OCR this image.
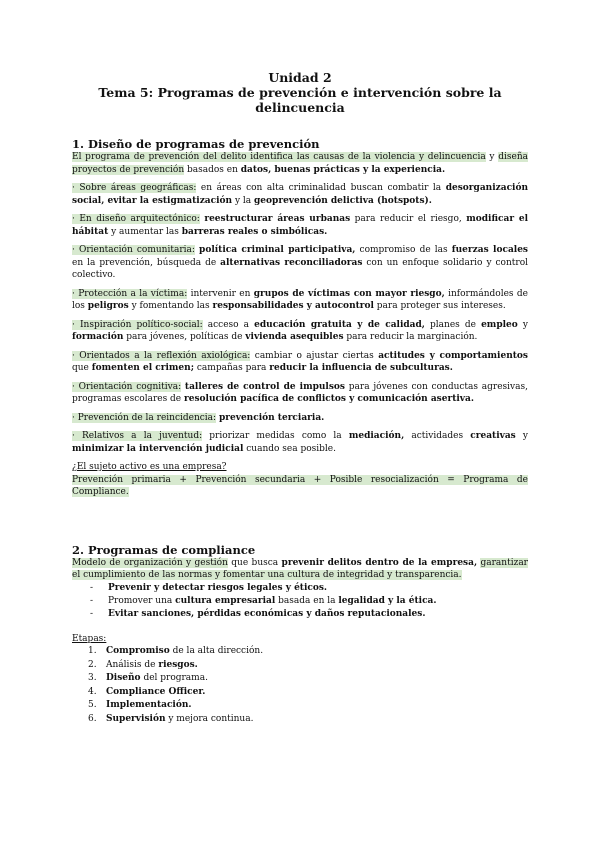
Unidad 2

Tema 5: Programas de prevención e intervención sobre la delincuencia

1. Diseño de programas de prevención

El programa de prevención del delito identifica las causas de la violencia y delincuencia y diseña proyectos de prevención basados en datos, buenas prácticas y la experiencia.

· Sobre áreas geográficas: en áreas con alta criminalidad buscan combatir la desorganización social, evitar la estigmatización y la geoprevención delictiva (hotspots).

· En diseño arquitectónico: reestructurar áreas urbanas para reducir el riesgo, modificar el hábitat y aumentar las barreras reales o simbólicas.

· Orientación comunitaria: política criminal participativa, compromiso de las fuerzas locales en la prevención, búsqueda de alternativas reconciliadoras con un enfoque solidario y control colectivo.

· Protección a la víctima: intervenir en grupos de víctimas con mayor riesgo, informándoles de los peligros y fomentando las responsabilidades y autocontrol para proteger sus intereses.

· Inspiración político-social: acceso a educación gratuita y de calidad, planes de empleo y formación para jóvenes, políticas de vivienda asequibles para reducir la marginación.

· Orientados a la reflexión axiológica: cambiar o ajustar ciertas actitudes y comportamientos que fomenten el crimen; campañas para reducir la influencia de subculturas.

· Orientación cognitiva: talleres de control de impulsos para jóvenes con conductas agresivas, programas escolares de resolución pacífica de conflictos y comunicación asertiva.

· Prevención de la reincidencia: prevención terciaria.

· Relativos a la juventud: priorizar medidas como la mediación, actividades creativas y minimizar la intervención judicial cuando sea posible.

¿El sujeto activo es una empresa?

Prevención primaria + Prevención secundaria + Posible resocialización = Programa de Compliance.

2. Programas de compliance

Modelo de organización y gestión que busca prevenir delitos dentro de la empresa, garantizar el cumplimiento de las normas y fomentar una cultura de integridad y transparencia.

-	Prevenir y detectar riesgos legales y éticos.
-	Promover una cultura empresarial basada en la legalidad y la ética.
-	Evitar sanciones, pérdidas económicas y daños reputacionales.

Etapas:

1. Compromiso de la alta dirección.
2. Análisis de riesgos.
3. Diseño del programa.
4. Compliance Officer.
5. Implementación.
6. Supervisión y mejora continua.
